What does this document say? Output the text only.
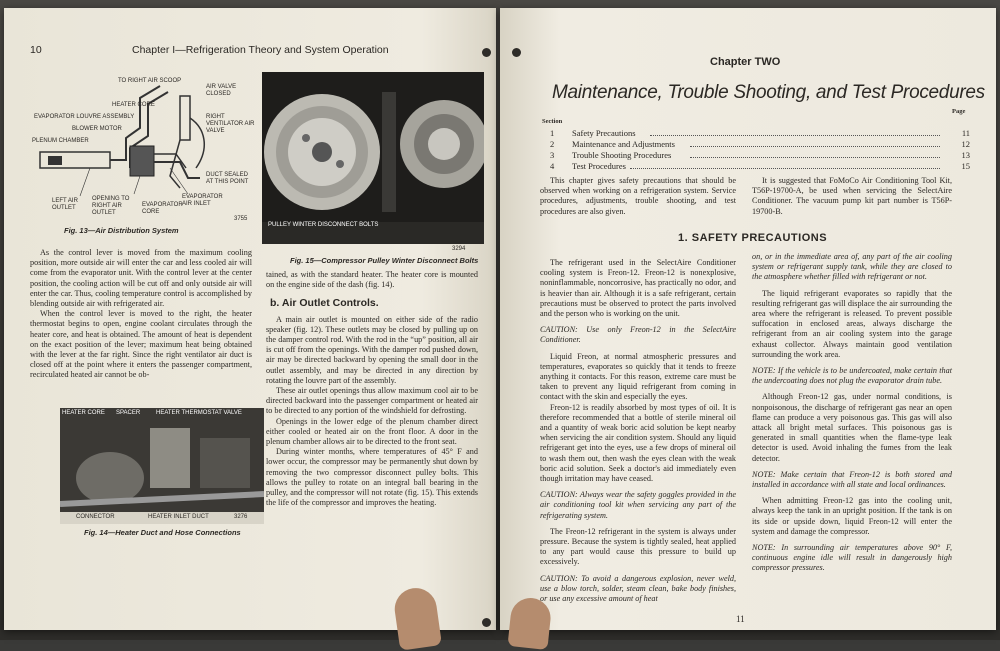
10	Chapter I—Refrigeration Theory and System Operation
TO RIGHT AIR SCOOP
AIR VALVE CLOSED
HEATER CORE
EVAPORATOR LOUVRE ASSEMBLY	RIGHT VENTILATOR AIR VALVE
BLOWER MOTOR
PLENUM CHAMBER
DUCT SEALED AT THIS POINT
OPENING TO RIGHT AIR OUTLET
LEFT AIR OUTLET	EVAPORATOR CORE
EVAPORATOR AIR INLET
3755
Fig. 13—Air Distribution System
PULLEY WINTER DISCONNECT BOLTS
3294
Fig. 15—Compressor Pulley Winter Disconnect Bolts

As the control lever is moved from the maximum cooling position, more outside air will enter the car and less cooled air will come from the evaporator unit. With the control lever at the center position, the cooling action will be cut off and only outside air will enter the car. Thus, cooling temperature control is accomplished by blending outside air with refrigerated air.

When the control lever is moved to the right, the heater thermostat begins to open, engine coolant circulates through the heater core, and heat is obtained. The amount of heat is dependent on the exact position of the lever; maximum heat being obtained with the lever at the far right. Since the right ventilator air duct is closed off at the point where it enters the passenger compartment, recirculated heated air cannot be ob-

HEATER CORE SPACER	HEATER THERMOSTAT VALVE
CONNECTOR	HEATER INLET DUCT	3276
Fig. 14—Heater Duct and Hose Connections

tained, as with the standard heater. The heater core is mounted on the engine side of the dash (fig. 14).

b. Air Outlet Controls.

A main air outlet is mounted on either side of the radio speaker (fig. 12). These outlets may be closed by pulling up on the damper control rod. With the rod in the “up” position, all air is cut off from the openings. With the damper rod pushed down, air may be directed backward by opening the small door in the outlet assembly, and may be directed in any direction by rotating the louvre part of the assembly.

These air outlet openings thus allow maximum cool air to be directed backward into the passenger compartment or heated air to be directed to any portion of the windshield for defrosting.

Openings in the lower edge of the plenum chamber direct either cooled or heated air on the front floor. A door in the plenum chamber allows air to be directed to the front seat.

During winter months, where temperatures of 45° F and lower occur, the compressor may be permanently shut down by removing the two compressor disconnect pulley bolts. This allows the pulley to rotate on an integral ball bearing in the pulley, and the compressor will not rotate (fig. 15). This extends the life of the compressor and improves the heating.

Chapter TWO
Maintenance, Trouble Shooting, and Test Procedures
Section
Page
1 Safety Precautions	11
2 Maintenance and Adjustments	12
3 Trouble Shooting Procedures	13
4 Test Procedures	15

This chapter gives safety precautions that should be observed when working on a refrigeration system. Service procedures, adjustments, trouble shooting, and test procedures are also given.

It is suggested that FoMoCo Air Conditioning Tool Kit, T56P-19700-A, be used when servicing the SelectAire Conditioner. The vacuum pump kit part number is T56P-19700-B.

1. SAFETY PRECAUTIONS

The refrigerant used in the SelectAire Conditioner cooling system is Freon-12. Freon-12 is nonexplosive, noninflammable, noncorrosive, has practically no odor, and is heavier than air. Although it is a safe refrigerant, certain precautions must be observed to protect the parts involved and the person who is working on the unit.

CAUTION: Use only Freon-12 in the SelectAire Conditioner.

Liquid Freon, at normal atmospheric pressures and temperatures, evaporates so quickly that it tends to freeze anything it contacts. For this reason, extreme care must be taken to prevent any liquid refrigerant from coming in contact with the skin and especially the eyes.

Freon-12 is readily absorbed by most types of oil. It is therefore recommended that a bottle of sterile mineral oil and a quantity of weak boric acid solution be kept nearby when servicing the air condition system. Should any liquid refrigerant get into the eyes, use a few drops of mineral oil to wash them out, then wash the eyes clean with the weak boric acid solution. Seek a doctor's aid immediately even though irritation may have ceased.

CAUTION: Always wear the safety goggles provided in the air conditioning tool kit when servicing any part of the refrigerating system.

The Freon-12 refrigerant in the system is always under pressure. Because the system is tightly sealed, heat applied to any part would cause this pressure to build up excessively.

CAUTION: To avoid a dangerous explosion, never weld, use a blow torch, solder, steam clean, bake body finishes, or use any excessive amount of heat

on, or in the immediate area of, any part of the air cooling system or refrigerant supply tank, while they are closed to the atmosphere whether filled with refrigerant or not.

The liquid refrigerant evaporates so rapidly that the resulting refrigerant gas will displace the air surrounding the area where the refrigerant is released. To prevent possible suffocation in enclosed areas, always discharge the refrigerant from an air cooling system into the garage exhaust collector. Always maintain good ventilation surrounding the work area.

NOTE: If the vehicle is to be undercoated, make certain that the undercoating does not plug the evaporator drain tube.

Although Freon-12 gas, under normal conditions, is nonpoisonous, the discharge of refrigerant gas near an open flame can produce a very poisonous gas. This gas will also attack all bright metal surfaces. This poisonous gas is generated in small quantities when the flame-type leak detector is used. Avoid inhaling the fumes from the leak detector.

NOTE: Make certain that Freon-12 is both stored and installed in accordance with all state and local ordinances.

When admitting Freon-12 gas into the cooling unit, always keep the tank in an upright position. If the tank is on its side or upside down, liquid Freon-12 will enter the system and damage the compressor.

NOTE: In surrounding air temperatures above 90° F, continuous engine idle will result in dangerously high compressor pressures.

11
